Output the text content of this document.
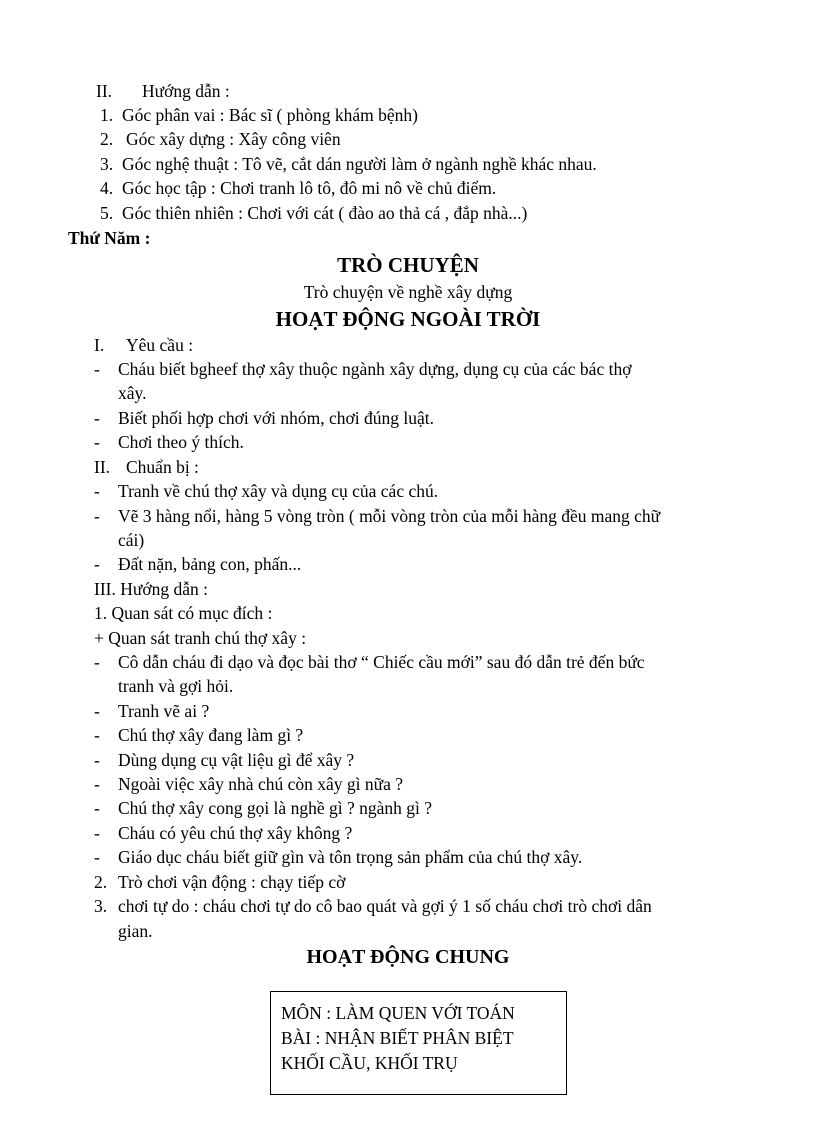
II. Hướng dẫn :
1. Góc phân vai : Bác sĩ ( phòng khám bệnh)
2. Góc xây dựng : Xây công viên
3. Góc nghệ thuật : Tô vẽ, cắt dán người làm ở ngành nghề khác nhau.
4. Góc học tập : Chơi tranh lô tô, đô mi nô về chủ điểm.
5. Góc thiên nhiên : Chơi với cát ( đào ao thả cá , đắp nhà...)
Thứ Năm :
TRÒ CHUYỆN
Trò chuyện về nghề xây dựng
HOẠT ĐỘNG NGOÀI TRỜI
I. Yêu cầu :
- Cháu biết bgheef thợ xây thuộc ngành xây dựng, dụng cụ của các bác thợ
xây.
- Biết phối hợp chơi với nhóm, chơi đúng luật.
- Chơi theo ý thích.
II. Chuẩn bị :
- Tranh về chú thợ xây và dụng cụ của các chú.
- Vẽ 3 hàng nổi, hàng 5 vòng tròn ( mỗi vòng tròn của mỗi hàng đều mang chữ
cái)
- Đất nặn, bảng con, phấn...
III. Hướng dẫn :
1. Quan sát có mục đích :
+ Quan sát tranh chú thợ xây :
- Cô dẫn cháu đi dạo và đọc bài thơ “ Chiếc cầu mới” sau đó dẫn trẻ đến bức
tranh và gợi hỏi.
- Tranh vẽ ai ?
- Chú thợ xây đang làm gì ?
- Dùng dụng cụ vật liệu gì để xây ?
- Ngoài việc xây nhà chú còn xây gì nữa ?
- Chú thợ xây cong gọi là nghề gì ? ngành gì ?
- Cháu có yêu chú thợ xây không ?
- Giáo dục cháu biết giữ gìn và tôn trọng sản phẩm của chú thợ xây.
2. Trò chơi vận động : chạy tiếp cờ
3. chơi tự do : cháu chơi tự do cô bao quát và gợi ý 1 số cháu chơi trò chơi dân
gian.
HOẠT ĐỘNG CHUNG
MÔN : LÀM QUEN VỚI TOÁN
BÀI : NHẬN BIẾT PHÂN BIỆT
KHỐI CẦU, KHỐI TRỤ
